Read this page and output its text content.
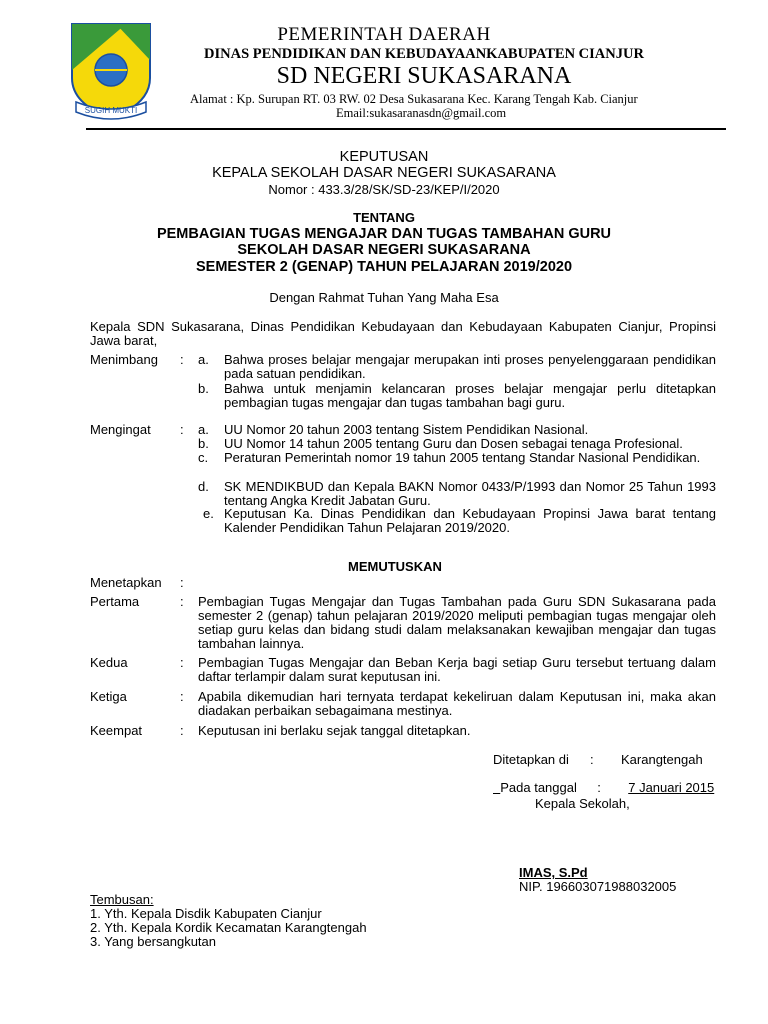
SUGIH MUKTI
PEMERINTAH DAERAH
DINAS PENDIDIKAN DAN KEBUDAYAANKABUPATEN CIANJUR
SD NEGERI SUKASARANA
Alamat : Kp. Surupan RT. 03 RW. 02 Desa Sukasarana Kec. Karang Tengah Kab. Cianjur
Email:sukasaranasdn@gmail.com
KEPUTUSAN
KEPALA SEKOLAH DASAR NEGERI SUKASARANA
Nomor : 433.3/28/SK/SD-23/KEP/I/2020
TENTANG
PEMBAGIAN TUGAS MENGAJAR DAN TUGAS TAMBAHAN GURU
SEKOLAH DASAR NEGERI SUKASARANA
SEMESTER 2 (GENAP) TAHUN PELAJARAN 2019/2020
Dengan Rahmat Tuhan Yang Maha Esa
Kepala SDN Sukasarana, Dinas Pendidikan Kebudayaan dan Kebudayaan Kabupaten Cianjur, Propinsi Jawa barat,
Menimbang : a. Bahwa proses belajar mengajar merupakan inti proses penyelenggaraan pendidikan pada satuan pendidikan.
b. Bahwa untuk menjamin kelancaran proses belajar mengajar perlu ditetapkan pembagian tugas mengajar dan tugas tambahan bagi guru.
Mengingat : a. UU Nomor 20 tahun 2003 tentang Sistem Pendidikan Nasional.
b. UU Nomor 14 tahun 2005 tentang Guru dan Dosen sebagai tenaga Profesional.
c. Peraturan Pemerintah nomor 19 tahun 2005 tentang Standar Nasional Pendidikan.
d. SK MENDIKBUD dan Kepala BAKN Nomor 0433/P/1993 dan Nomor 25 Tahun 1993 tentang Angka Kredit Jabatan Guru.
e. Keputusan Ka. Dinas Pendidikan dan Kebudayaan Propinsi Jawa barat tentang Kalender Pendidikan Tahun Pelajaran 2019/2020.
MEMUTUSKAN
Menetapkan :
Pertama	: Pembagian Tugas Mengajar dan Tugas Tambahan pada Guru SDN Sukasarana pada semester 2 (genap) tahun pelajaran 2019/2020 meliputi pembagian tugas mengajar oleh setiap guru kelas dan bidang studi dalam melaksanakan kewajiban mengajar dan tugas tambahan lainnya.
Kedua	: Pembagian Tugas Mengajar dan Beban Kerja bagi setiap Guru tersebut tertuang dalam daftar terlampir dalam surat keputusan ini.
Ketiga	: Apabila dikemudian hari ternyata terdapat kekeliruan dalam Keputusan ini, maka akan diadakan perbaikan sebagaimana mestinya.
Keempat	: Keputusan ini berlaku sejak tanggal ditetapkan.
Ditetapkan di : Karangtengah

Pada tanggal : 7 Januari 2015

Kepala Sekolah,
IMAS, S.Pd
NIP. 196603071988032005
Tembusan:
1. Yth. Kepala Disdik Kabupaten Cianjur
2. Yth. Kepala Kordik Kecamatan Karangtengah
3. Yang bersangkutan
